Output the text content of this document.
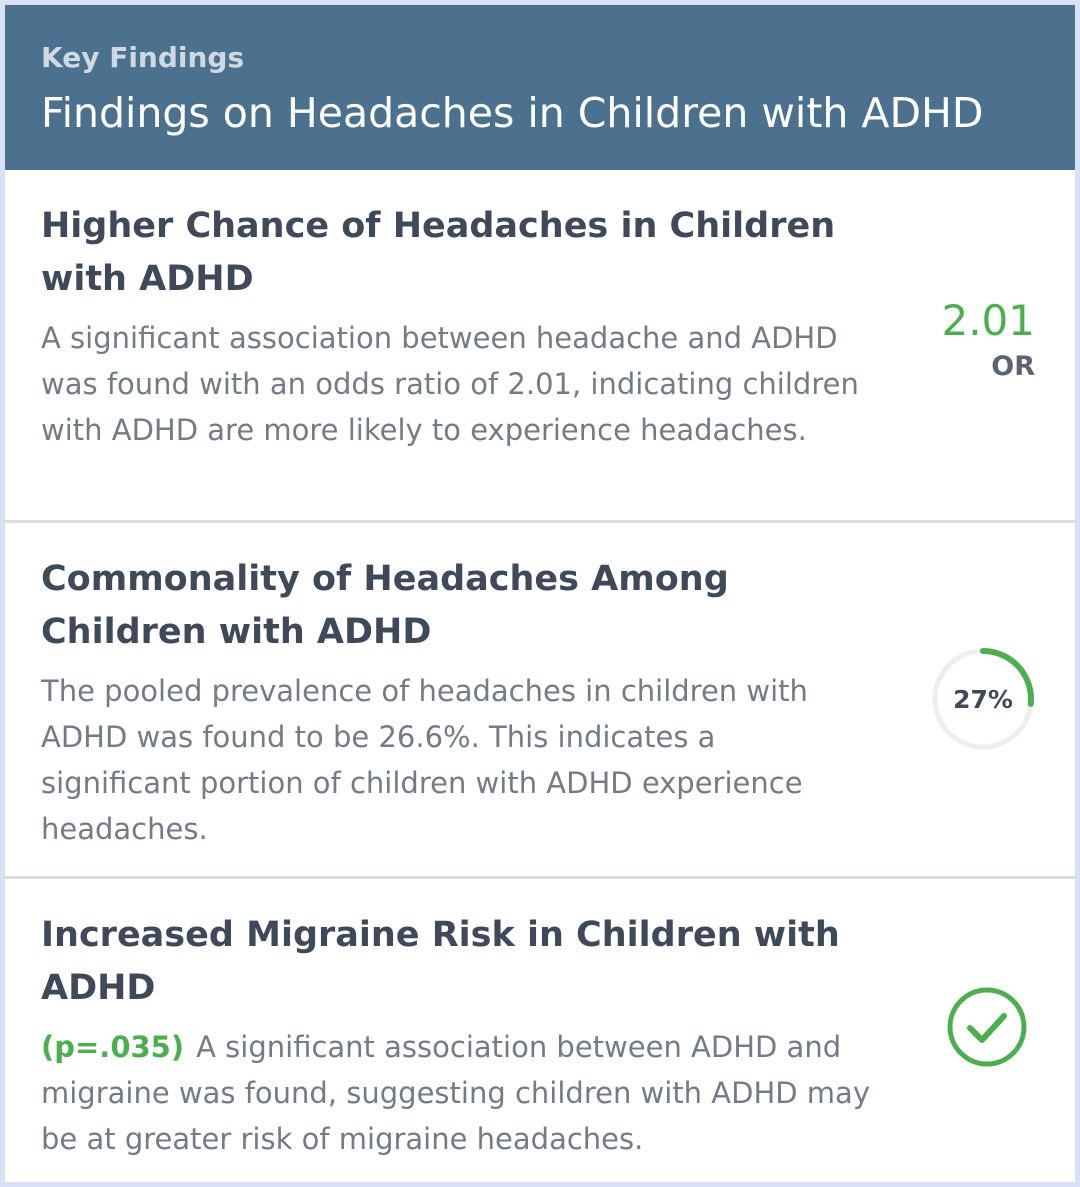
Key Findings
Findings on Headaches in Children with ADHD
Higher Chance of Headaches in Children with ADHD
A significant association between headache and ADHD was found with an odds ratio of 2.01, indicating children with ADHD are more likely to experience headaches.
2.01
OR
Commonality of Headaches Among Children with ADHD
The pooled prevalence of headaches in children with ADHD was found to be 26.6%. This indicates a significant portion of children with ADHD experience headaches.
27%
Increased Migraine Risk in Children with ADHD
(p=.035) A significant association between ADHD and migraine was found, suggesting children with ADHD may be at greater risk of migraine headaches.
